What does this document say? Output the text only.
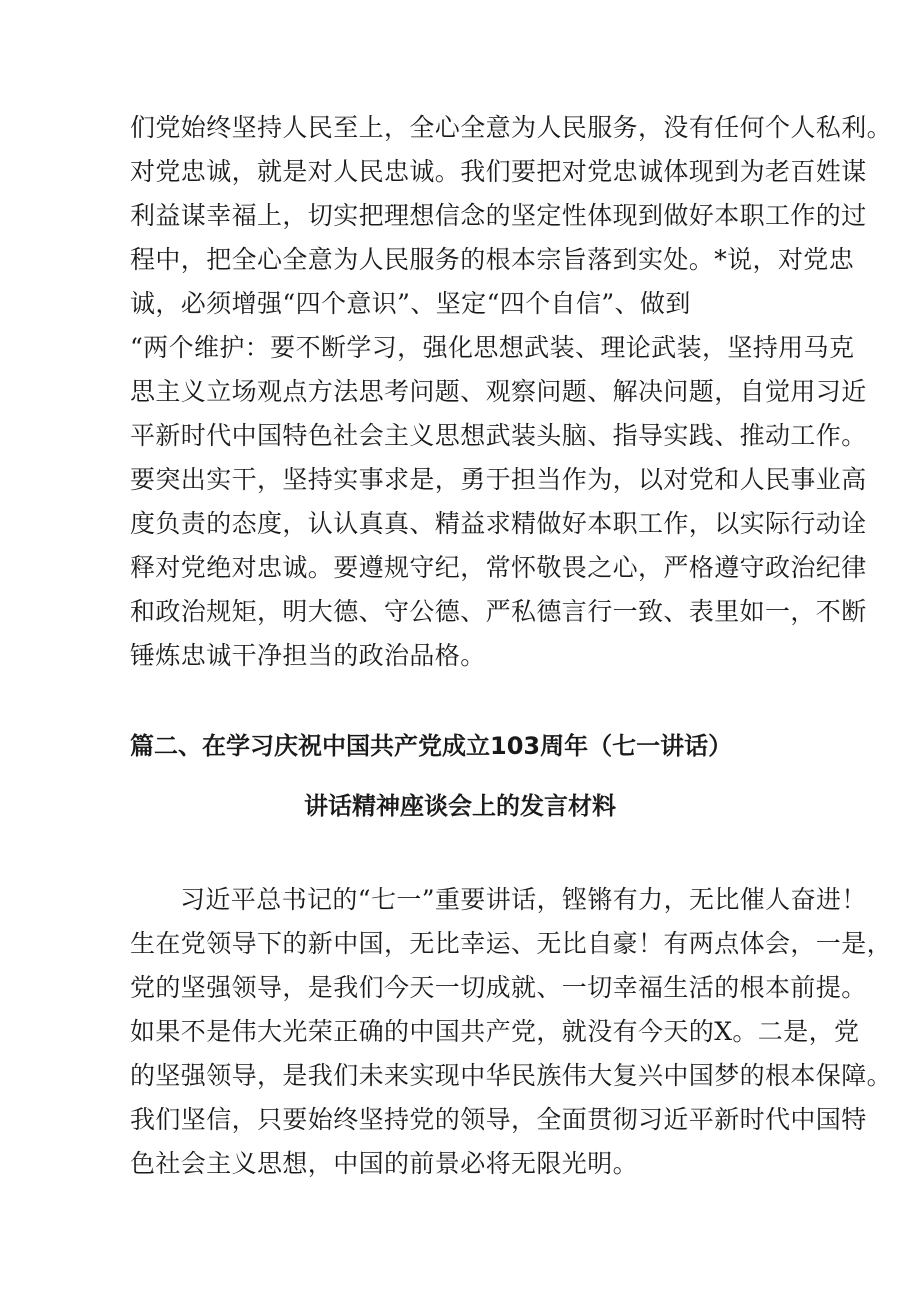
们党始终坚持人民至上，全心全意为人民服务，没有任何个人私利。
对党忠诚，就是对人民忠诚。我们要把对党忠诚体现到为老百姓谋
利益谋幸福上，切实把理想信念的坚定性体现到做好本职工作的过
程中，把全心全意为人民服务的根本宗旨落到实处。*说，对党忠
诚，必须增强“四个意识”、坚定“四个自信”、做到
“两个维护：要不断学习，强化思想武装、理论武装，坚持用马克
思主义立场观点方法思考问题、观察问题、解决问题，自觉用习近
平新时代中国特色社会主义思想武装头脑、指导实践、推动工作。
要突出实干，坚持实事求是，勇于担当作为，以对党和人民事业高
度负责的态度，认认真真、精益求精做好本职工作，以实际行动诠
释对党绝对忠诚。要遵规守纪，常怀敬畏之心，严格遵守政治纪律
和政治规矩，明大德、守公德、严私德言行一致、表里如一，不断
锤炼忠诚干净担当的政治品格。
篇二、在学习庆祝中国共产党成立103周年（七一讲话）
讲话精神座谈会上的发言材料
习近平总书记的“七一”重要讲话，铿锵有力，无比催人奋进！
生在党领导下的新中国，无比幸运、无比自豪！有两点体会，一是，
党的坚强领导，是我们今天一切成就、一切幸福生活的根本前提。
如果不是伟大光荣正确的中国共产党，就没有今天的X。二是，党
的坚强领导，是我们未来实现中华民族伟大复兴中国梦的根本保障。
我们坚信，只要始终坚持党的领导，全面贯彻习近平新时代中国特
色社会主义思想，中国的前景必将无限光明。
